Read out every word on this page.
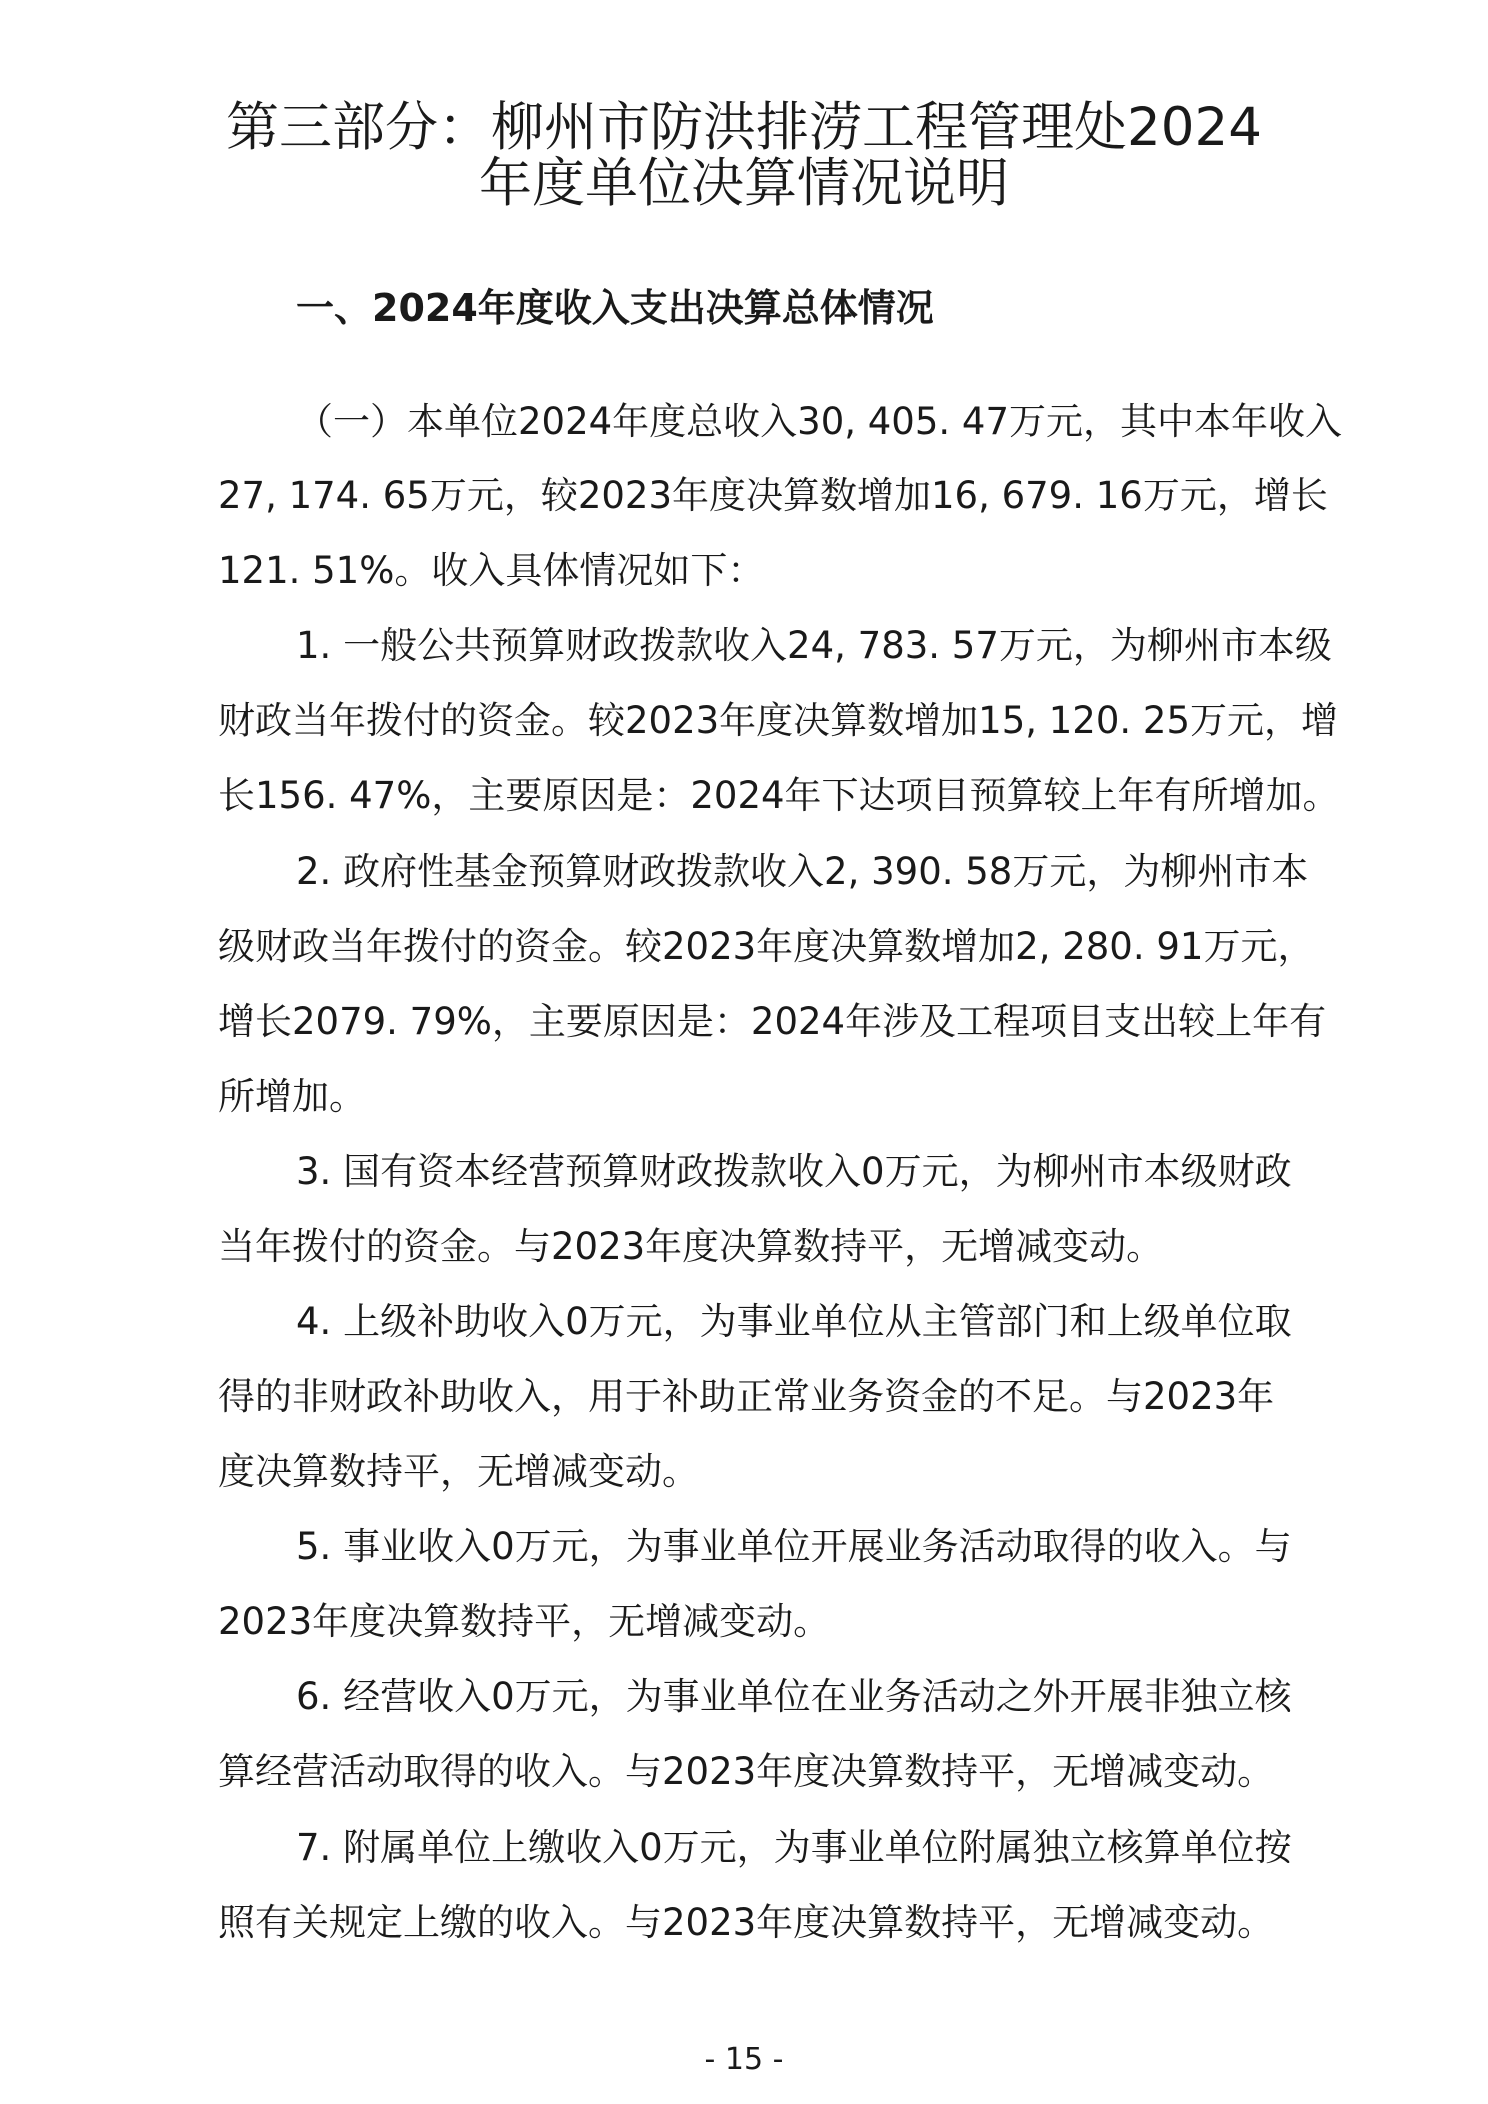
第三部分：柳州市防洪排涝工程管理处2024
年度单位决算情况说明
一、2024年度收入支出决算总体情况

（一）本单位2024年度总收入30, 405. 47万元，其中本年收入

27, 174. 65万元，较2023年度决算数增加16, 679. 16万元，增长

121. 51%。收入具体情况如下：

1. 一般公共预算财政拨款收入24, 783. 57万元，为柳州市本级

财政当年拨付的资金。较2023年度决算数增加15, 120. 25万元，增

长156. 47%，主要原因是：2024年下达项目预算较上年有所增加。

2. 政府性基金预算财政拨款收入2, 390. 58万元，为柳州市本

级财政当年拨付的资金。较2023年度决算数增加2, 280. 91万元，

增长2079. 79%，主要原因是：2024年涉及工程项目支出较上年有

所增加。

3. 国有资本经营预算财政拨款收入0万元，为柳州市本级财政

当年拨付的资金。与2023年度决算数持平，无增减变动。

4. 上级补助收入0万元，为事业单位从主管部门和上级单位取

得的非财政补助收入，用于补助正常业务资金的不足。与2023年

度决算数持平，无增减变动。

5. 事业收入0万元，为事业单位开展业务活动取得的收入。与

2023年度决算数持平，无增减变动。

6. 经营收入0万元，为事业单位在业务活动之外开展非独立核

算经营活动取得的收入。与2023年度决算数持平，无增减变动。

7. 附属单位上缴收入0万元，为事业单位附属独立核算单位按

照有关规定上缴的收入。与2023年度决算数持平，无增减变动。

- 15 -
